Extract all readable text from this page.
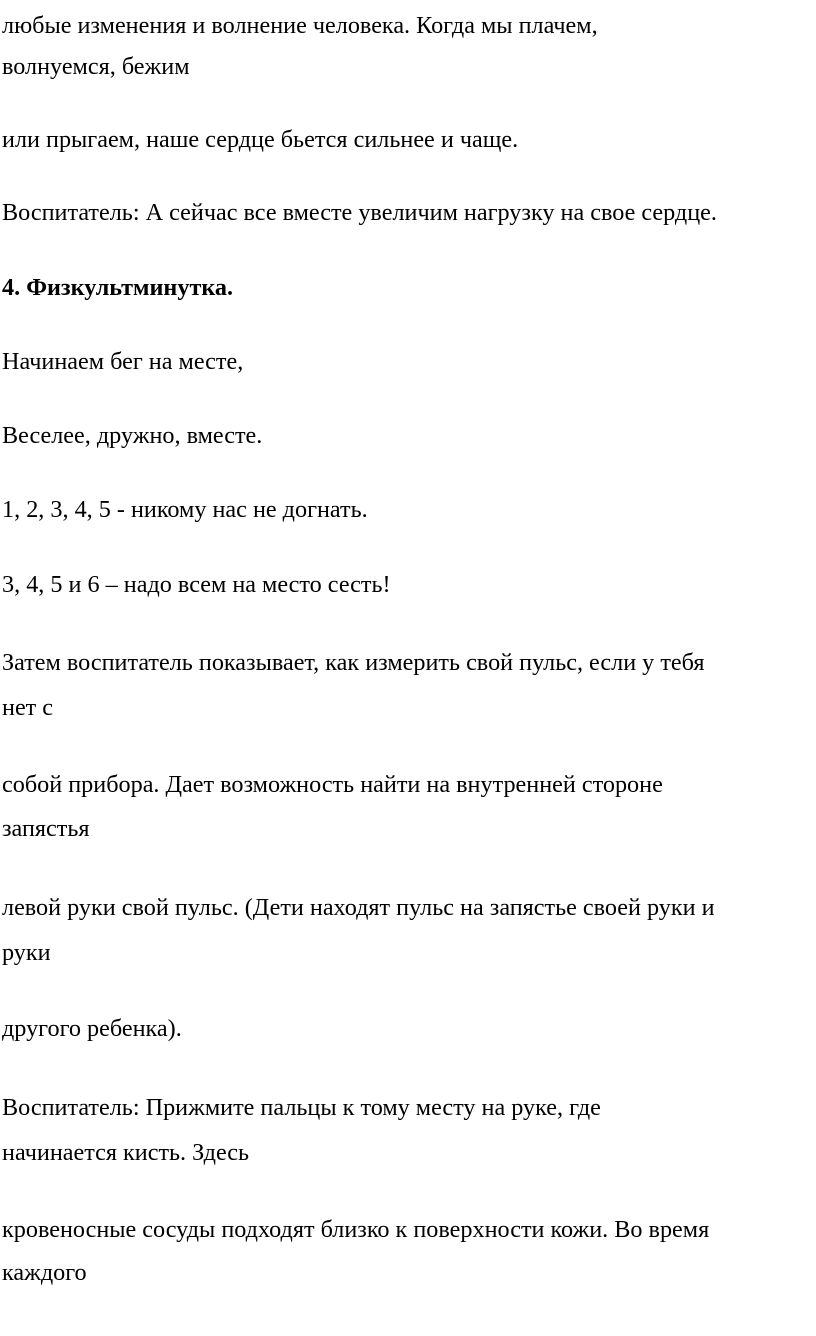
любые изменения и волнение человека. Когда мы плачем,
волнуемся, бежим
или прыгаем, наше сердце бьется сильнее и чаще.
Воспитатель: А сейчас все вместе увеличим нагрузку на свое сердце.
4. Физкультминутка.
Начинаем бег на месте,
Веселее, дружно, вместе.
1, 2, 3, 4, 5 - никому нас не догнать.
3, 4, 5 и 6 – надо всем на место сесть!
Затем воспитатель показывает, как измерить свой пульс, если у тебя
нет с
собой прибора. Дает возможность найти на внутренней стороне
запястья
левой руки свой пульс. (Дети находят пульс на запястье своей руки и
руки
другого ребенка).
Воспитатель: Прижмите пальцы к тому месту на руке, где
начинается кисть. Здесь
кровеносные сосуды подходят близко к поверхности кожи. Во время
каждого
